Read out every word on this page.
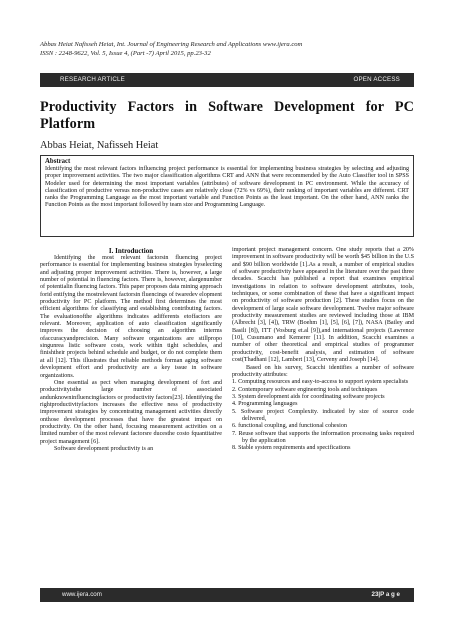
Abbas Heiat Nafisseh Heiat, Int. Journal of Engineering Research and Applications www.ijera.com
ISSN : 2248-9622, Vol. 5, Issue 4, (Part -7) April 2015, pp.23-32
RESEARCH ARTICLE	OPEN ACCESS
Productivity Factors in Software Development for PC Platform
Abbas Heiat, Nafisseh Heiat
Abstract
Identifying the most relevant factors influencing project performance is essential for implementing business strategies by selecting and adjusting proper improvement activities. The two major classification algorithms CRT and ANN that were recommended by the Auto Classifier tool in SPSS Modeler used for determining the most important variables (attributes) of software development in PC environment. While the accuracy of classification of productive versus non-productive cases are relatively close (72% vs 69%), their ranking of important variables are different. CRT ranks the Programming Language as the most important variable and Function Points as the least important. On the other hand, ANN ranks the Function Points as the most important followed by team size and Programming Language.
I. Introduction

Identifying the most relevant factorsin fluencing project performance is essential for implementing business strategies byselecting and adjusting proper improvement activities. There is, however, a large number of potential in fluencing factors. There is, however, alargenumber of potentialin fluencing factors. This paper proposes data mining approach forid entifying the mostrelevant factorsin fluencings of twaredev elopment productivity for PC platform. The method first determines the most efficient algorithms for classifying and establishing contributing factors. The evaluationofthe algorithms indicates adifferents etoffactors are relevant. Moreover, application of auto classification significantly improves the decision of choosing an algorithm interms ofaccuracyandprecision. Many software organizations are stillpropo singunrea listic software costs, work within tight schedules, and finishtheir projects behind schedule and budget, or do not complete them at all [12]. This illustrates that reliable methods forman aging software development effort and productivity are a key issue in software organizations.

One essential as pect when managing development of fort and productivityisthe large number of associated andunknowninfluencingfactors or productivity factors[23]. Identifying the rightproductivityfactors increases the effective ness of productivity improvement strategies by concentrating management activities directly onthose development processes that have the greatest impact on productivity. On the other hand, focusing measurement activities on a limited number of the most relevant factorsre ducesthe costo fquantitative project management [6].

Software development productivity is an

important project management concern. One study reports that a 20% improvement in software productivity will be worth $45 billion in the U.S and $90 billion worldwide [1].As a result, a number of empirical studies of software productivity have appeared in the literature over the past three decades. Scacchi has published a report that examines empirical investigations in relation to software development attributes, tools, techniques, or some combination of these that have a significant impact on productivity of software production [2]. These studies focus on the development of large scale software development. Twelve major software productivity measurement studies are reviewed including those at IBM (Albrecht [3], [4]), TRW (Boehm [1], [5], [6], [7]), NASA (Bailey and Basili [8]), ITT (Vosburg et.al [9]),and international projects (Lawrence [10], Cusumano and Kemerer [11]. In addition, Scacchi examines a number of other theoretical and empirical studies of programmer productivity, cost-benefit analysis, and estimation of software cost(Thadhani [12], Lambert [13], Cerveny and Joseph [14].

Based on his survey, Scacchi identifies a number of software productivity attributes:

1. Computing resources and easy-to-access to support system specialists
2. Contemporary software engineering tools and techniques
3. System development aids for coordinating software projects
4. Programming languages
5. Software project Complexity. indicated by size of source code delivered,
6. functional coupling, and functional cohesion
7. Reuse software that supports the information processing tasks required by the application
8. Stable system requirements and specifications
www.ijera.com	23|P a g e
